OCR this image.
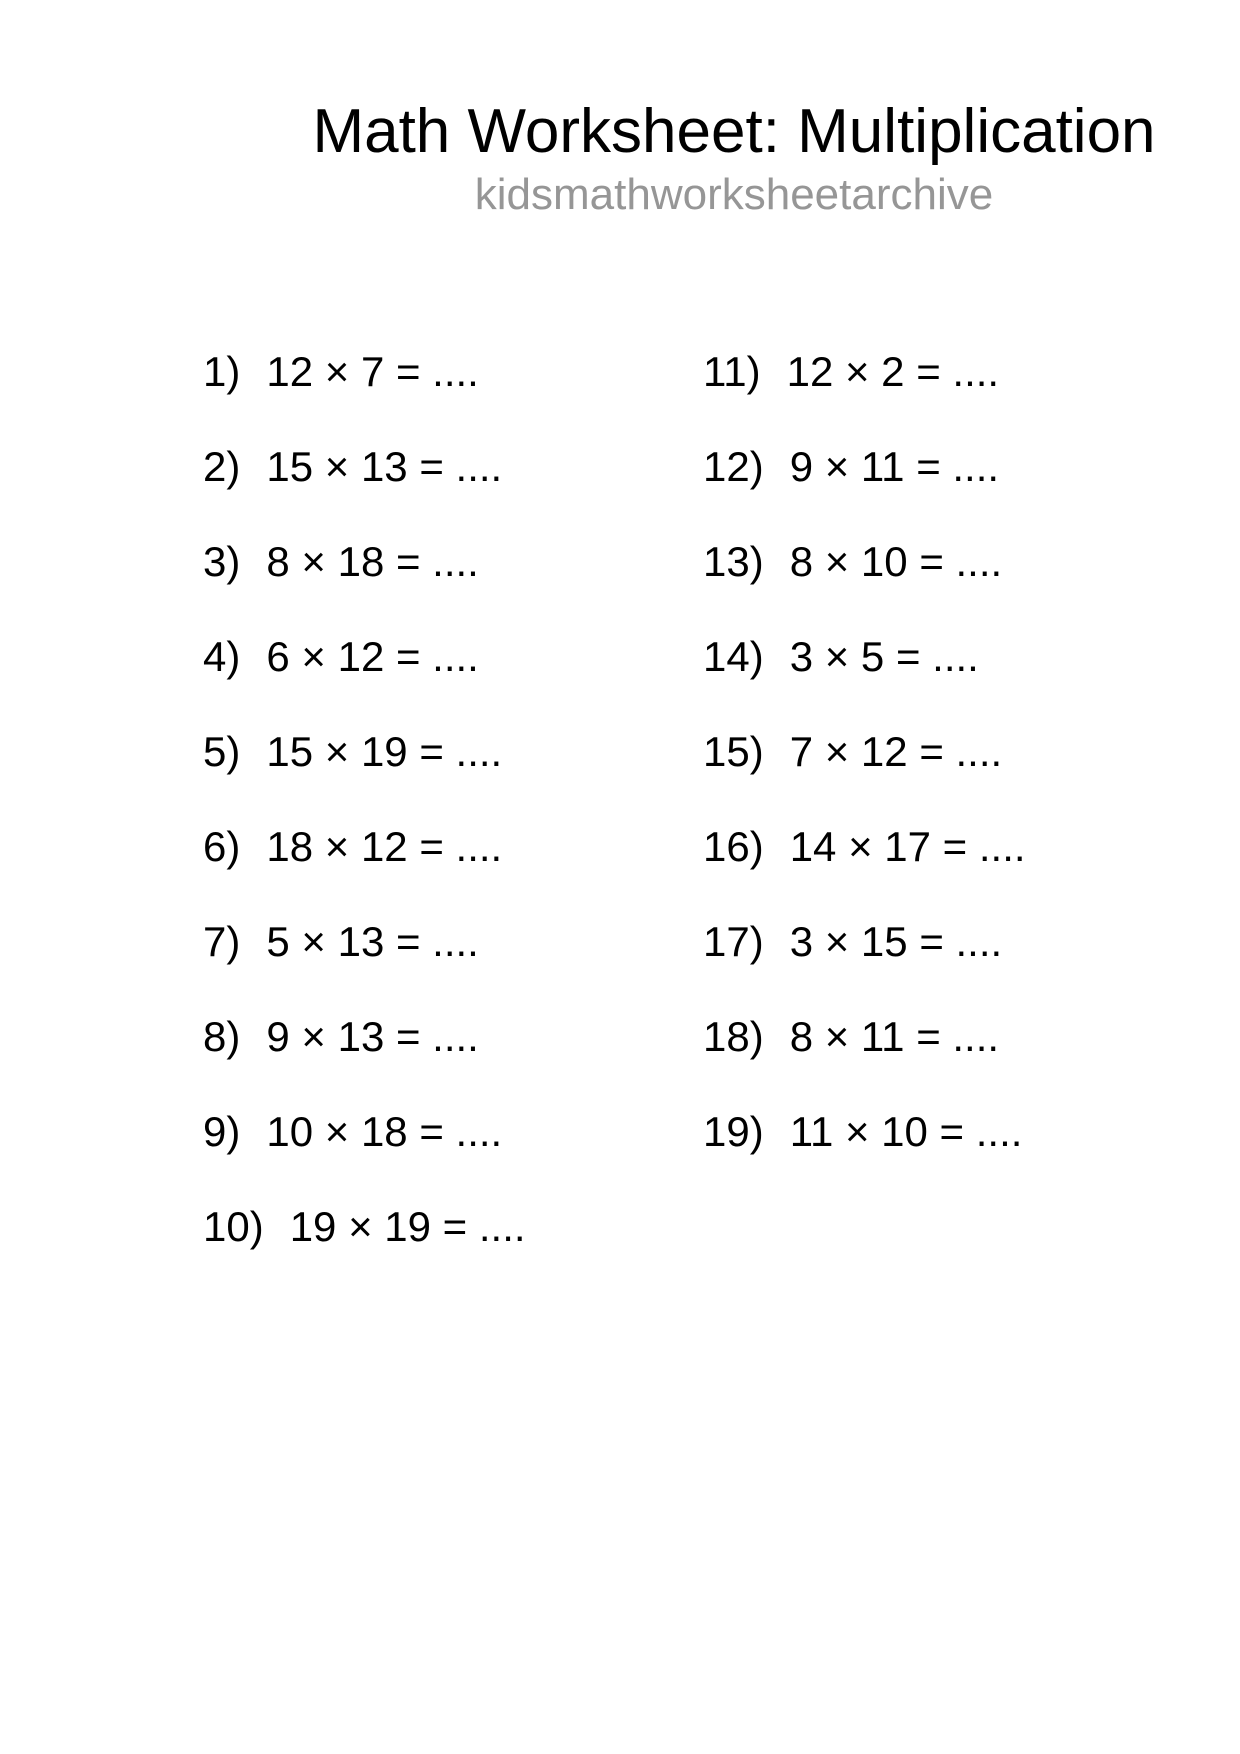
Math Worksheet: Multiplication
kidsmathworksheetarchive
1) 12 × 7 = ....
2) 15 × 13 = ....
3) 8 × 18 = ....
4) 6 × 12 = ....
5) 15 × 19 = ....
6) 18 × 12 = ....
7) 5 × 13 = ....
8) 9 × 13 = ....
9) 10 × 18 = ....
10) 19 × 19 = ....
11) 12 × 2 = ....
12) 9 × 11 = ....
13) 8 × 10 = ....
14) 3 × 5 = ....
15) 7 × 12 = ....
16) 14 × 17 = ....
17) 3 × 15 = ....
18) 8 × 11 = ....
19) 11 × 10 = ....
